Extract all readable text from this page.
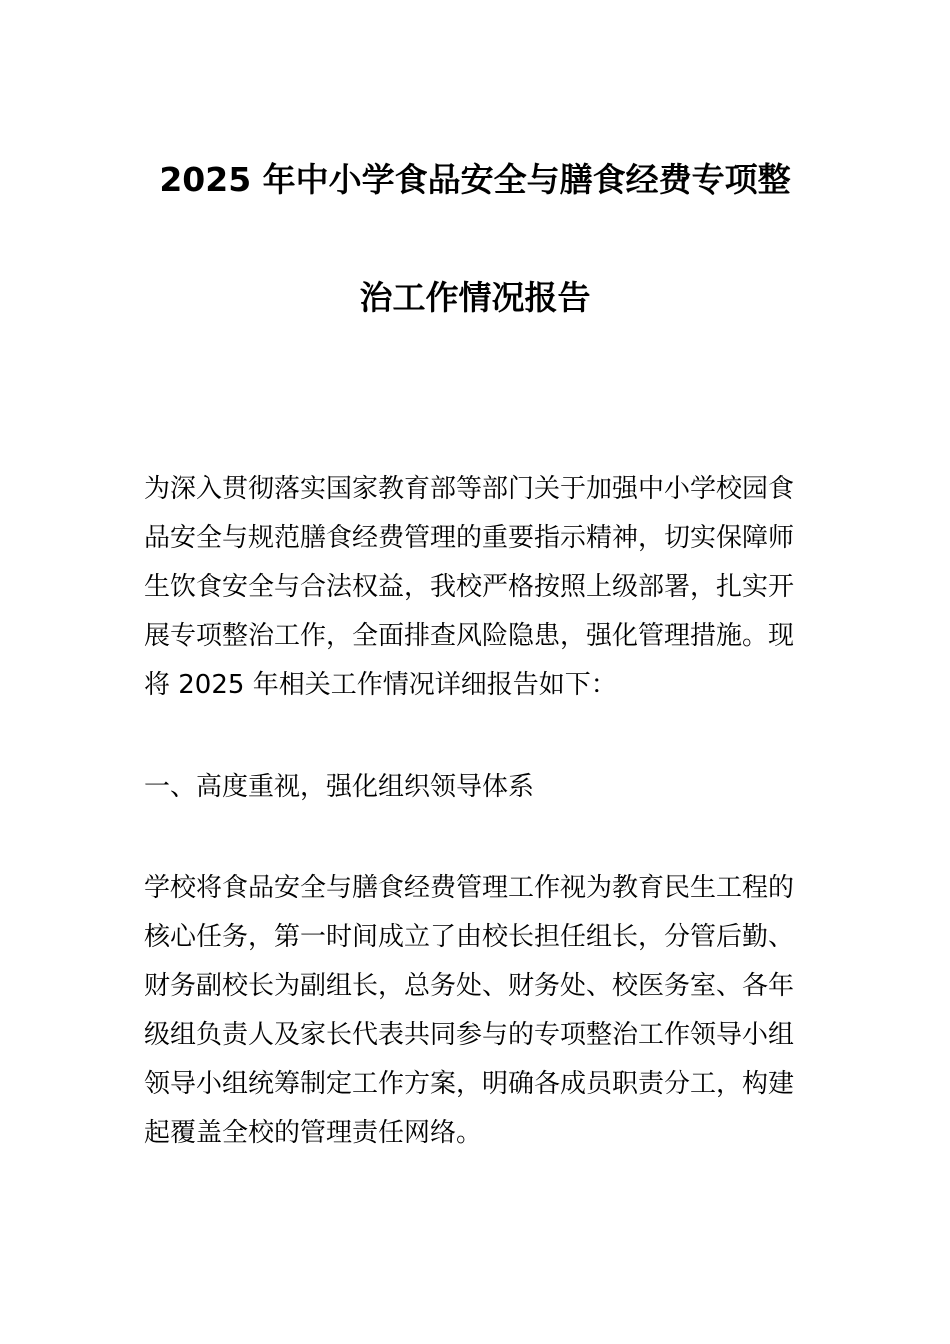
2025 年中小学食品安全与膳食经费专项整
治工作情况报告
为深入贯彻落实国家教育部等部门关于加强中小学校园食
品安全与规范膳食经费管理的重要指示精神，切实保障师
生饮食安全与合法权益，我校严格按照上级部署，扎实开
展专项整治工作，全面排查风险隐患，强化管理措施。现
将 2025 年相关工作情况详细报告如下：
一、高度重视，强化组织领导体系
学校将食品安全与膳食经费管理工作视为教育民生工程的
核心任务，第一时间成立了由校长担任组长，分管后勤、
财务副校长为副组长，总务处、财务处、校医务室、各年
级组负责人及家长代表共同参与的专项整治工作领导小组
领导小组统筹制定工作方案，明确各成员职责分工，构建
起覆盖全校的管理责任网络。
